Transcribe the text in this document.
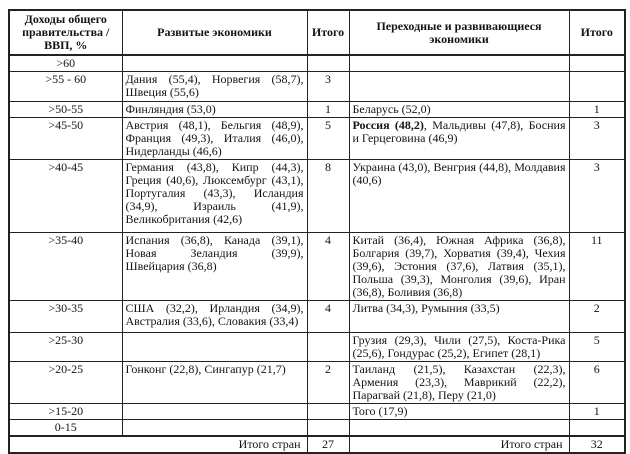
Доходы общего правительства / ВВП, %	Развитые экономики	Итого	Переходные и развивающиеся экономики	Итого
>60				
>55 - 60	Дания (55,4), Норвегия (58,7), Швеция (55,6)	3		
>50-55	Финляндия (53,0)	1	Беларусь (52,0)	1
>45-50	Австрия (48,1), Бельгия (48,9), Франция (49,3), Италия (46,0), Нидерланды (46,6)	5	Россия (48,2), Мальдивы (47,8), Босния и Герцеговина (46,9)	3
>40-45	Германия (43,8), Кипр (44,3), Греция (40,6), Люксембург (43,1), Португалия (43,3), Исландия (34,9), Израиль (41,9), Великобритания (42,6)	8	Украина (43,0), Венгрия (44,8), Молдавия (40,6)	3
>35-40	Испания (36,8), Канада (39,1), Новая Зеландия (39,9), Швейцария (36,8)	4	Китай (36,4), Южная Африка (36,8), Болгария (39,7), Хорватия (39,4), Чехия (39,6), Эстония (37,6), Латвия (35,1), Польша (39,3), Монголия (39,6), Иран (36,8), Боливия (36,8)	11
>30-35	США (32,2), Ирландия (34,9), Австралия (33,6), Словакия (33,4)	4	Литва (34,3), Румыния (33,5)	2
>25-30			Грузия (29,3), Чили (27,5), Коста-Рика (25,6), Гондурас (25,2), Египет (28,1)	5
>20-25	Гонконг (22,8), Сингапур (21,7)	2	Таиланд (21,5), Казахстан (22,3), Армения (23,3), Маврикий (22,2), Парагвай (21,8), Перу (21,0)	6
>15-20			Того (17,9)	1
0-15				
Итого стран		27	Итого стран	32
